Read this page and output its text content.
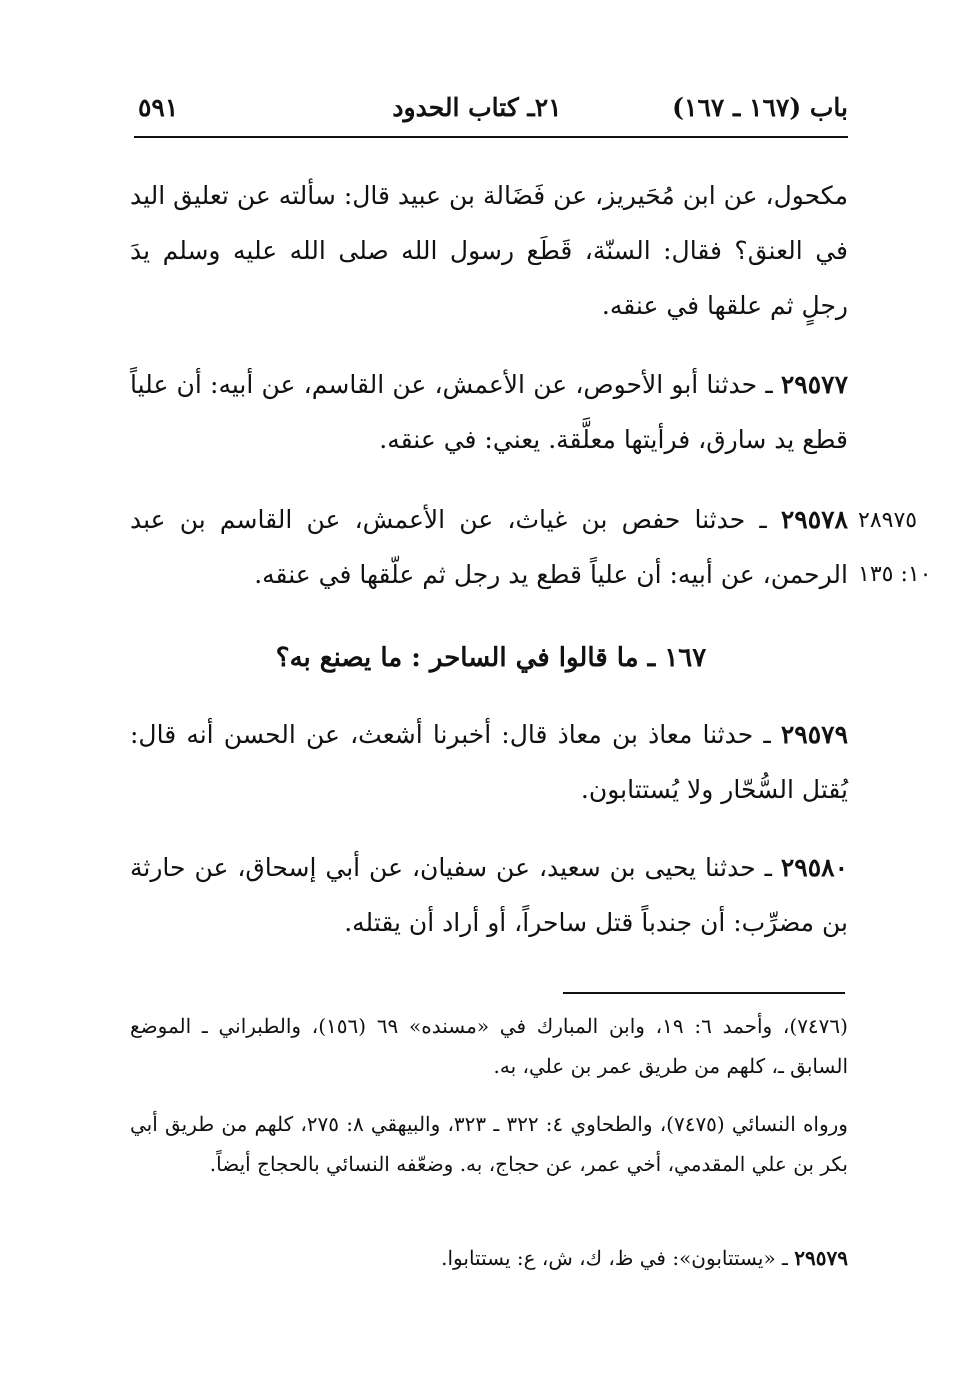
باب (١٦٧ ـ ١٦٧)
٢١ـ كتاب الحدود
٥٩١
مكحول، عن ابن مُحَيريز، عن فَضَالة بن عبيد قال: سألته عن تعليق اليد في العنق؟ فقال: السنّة، قَطَع رسول الله صلى الله عليه وسلم يدَ رجلٍ ثم علقها في عنقه.
٢٩٥٧٧ ـ حدثنا أبو الأحوص، عن الأعمش، عن القاسم، عن أبيه: أن علياً قطع يد سارق، فرأيتها معلَّقة. يعني: في عنقه.
٢٩٥٧٨ ـ حدثنا حفص بن غياث، عن الأعمش، عن القاسم بن عبد الرحمن، عن أبيه: أن علياً قطع يد رجل ثم علّقها في عنقه.
٢٨٩٧٥
١٠: ١٣٥
١٦٧ ـ ما قالوا في الساحر : ما يصنع به؟
٢٩٥٧٩ ـ حدثنا معاذ بن معاذ قال: أخبرنا أشعث، عن الحسن أنه قال: يُقتل السُّحّار ولا يُستتابون.
٢٩٥٨٠ ـ حدثنا يحيى بن سعيد، عن سفيان، عن أبي إسحاق، عن حارثة بن مضرِّب: أن جندباً قتل ساحراً، أو أراد أن يقتله.
(٧٤٧٦)، وأحمد ٦: ١٩، وابن المبارك في «مسنده» ٦٩ (١٥٦)، والطبراني ـ الموضع السابق ـ، كلهم من طريق عمر بن علي، به.
ورواه النسائي (٧٤٧٥)، والطحاوي ٤: ٣٢٢ ـ ٣٢٣، والبيهقي ٨: ٢٧٥، كلهم من طريق أبي بكر بن علي المقدمي، أخي عمر، عن حجاج، به. وضعّفه النسائي بالحجاج أيضاً.
٢٩٥٧٩ ـ «يستتابون»: في ظ، ك، ش، ع: يستتابوا.
